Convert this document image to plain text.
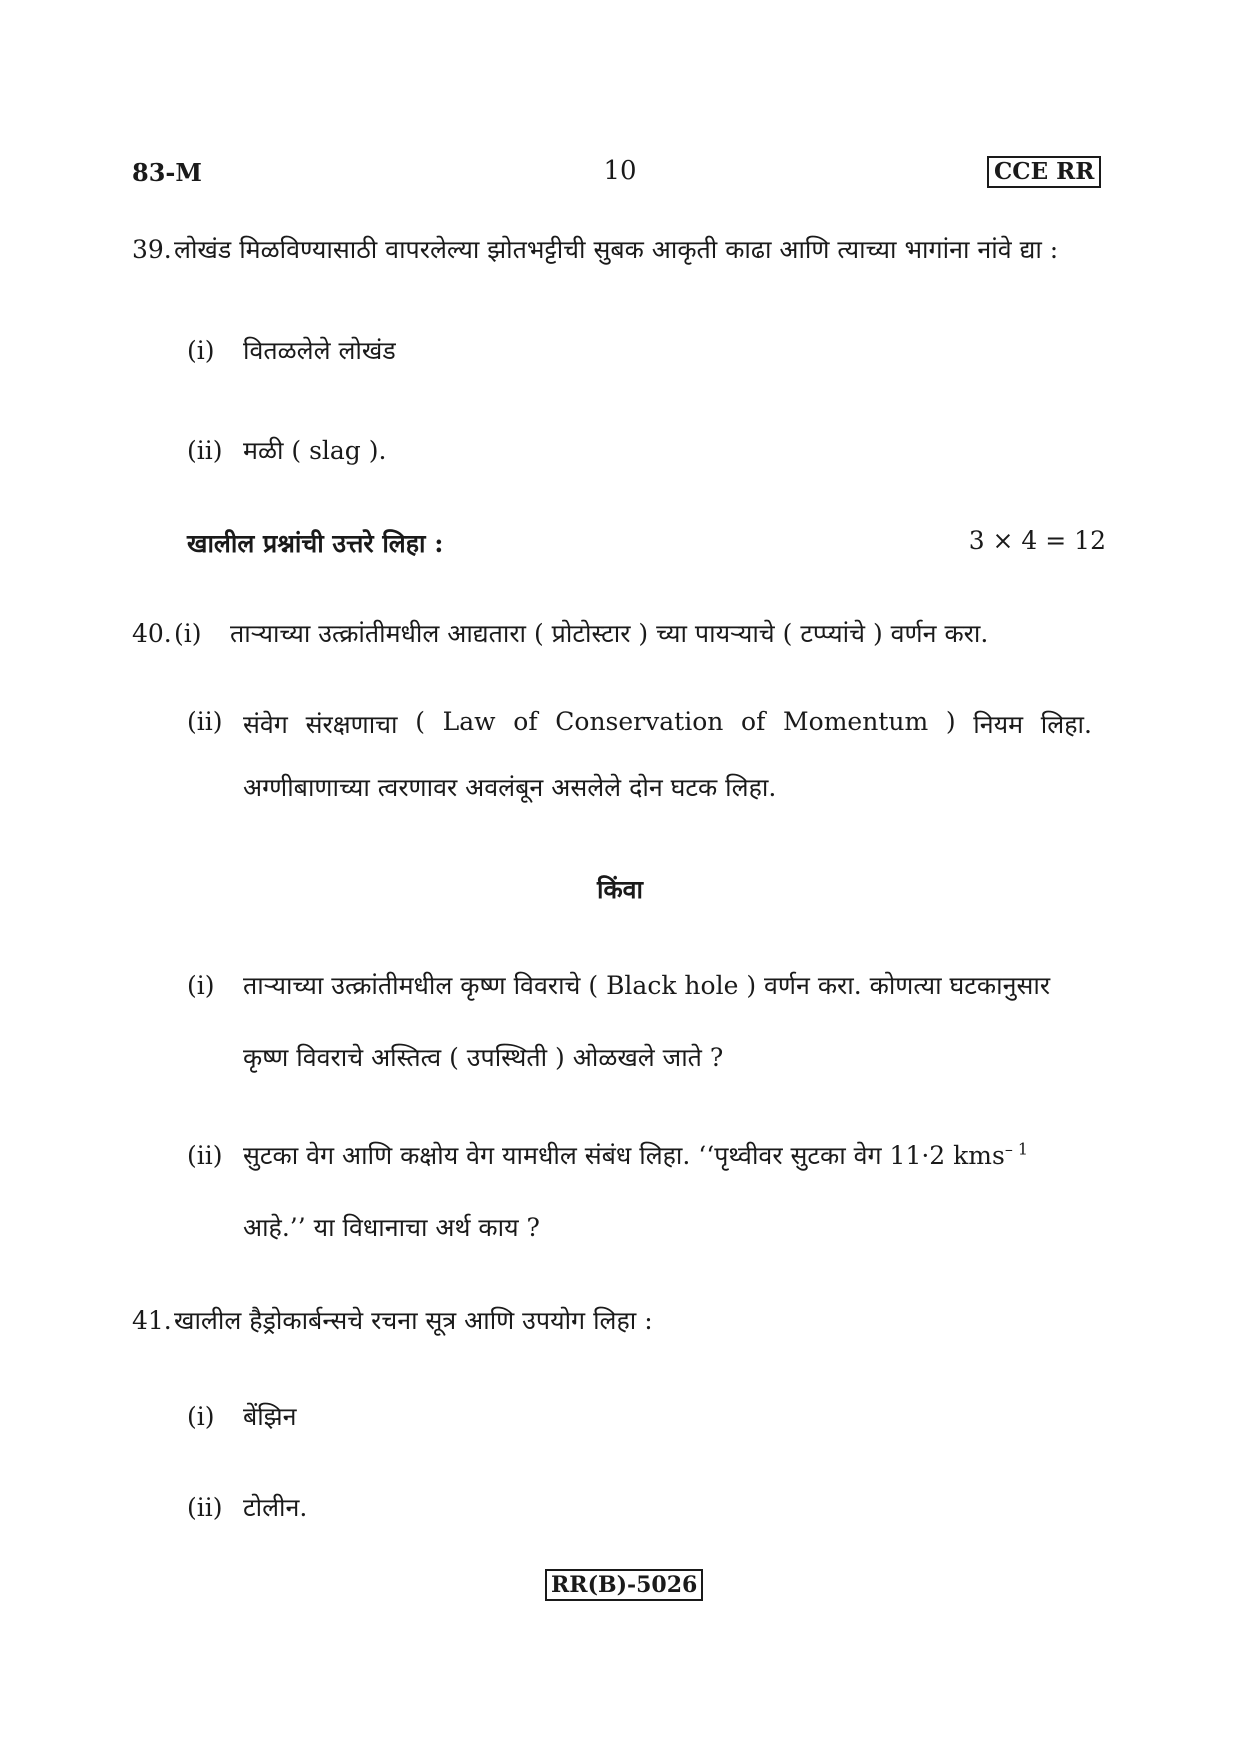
83-M	10	CCE RR
39.लोखंड मिळविण्यासाठी वापरलेल्या झोतभट्टीची सुबक आकृती काढा आणि त्याच्या भागांना नांवे द्या :
(i) वितळलेले लोखंड
(ii) मळी ( slag ).
खालील प्रश्नांची उत्तरे लिहा :	3 × 4 = 12
40.(i) ताऱ्याच्या उत्क्रांतीमधील आद्यतारा ( प्रोटोस्टार ) च्या पायऱ्याचे ( टप्प्यांचे ) वर्णन करा.
(ii) संवेग संरक्षणाचा ( Law of Conservation of Momentum ) नियम लिहा.
अग्णीबाणाच्या त्वरणावर अवलंबून असलेले दोन घटक लिहा.
किंवा
(i) ताऱ्याच्या उत्क्रांतीमधील कृष्ण विवराचे ( Black hole ) वर्णन करा. कोणत्या घटकानुसार
कृष्ण विवराचे अस्तित्व ( उपस्थिती ) ओळखले जाते ?
(ii) सुटका वेग आणि कक्षोय वेग यामधील संबंध लिहा. ‘‘पृथ्वीवर सुटका वेग 11·2 kms$^{- 1}$
आहे.’’ या विधानाचा अर्थ काय ?
41.खालील हैड्रोकार्बन्सचे रचना सूत्र आणि उपयोग लिहा :
(i) बेंझिन
(ii) टोलीन.
RR(B)-5026
